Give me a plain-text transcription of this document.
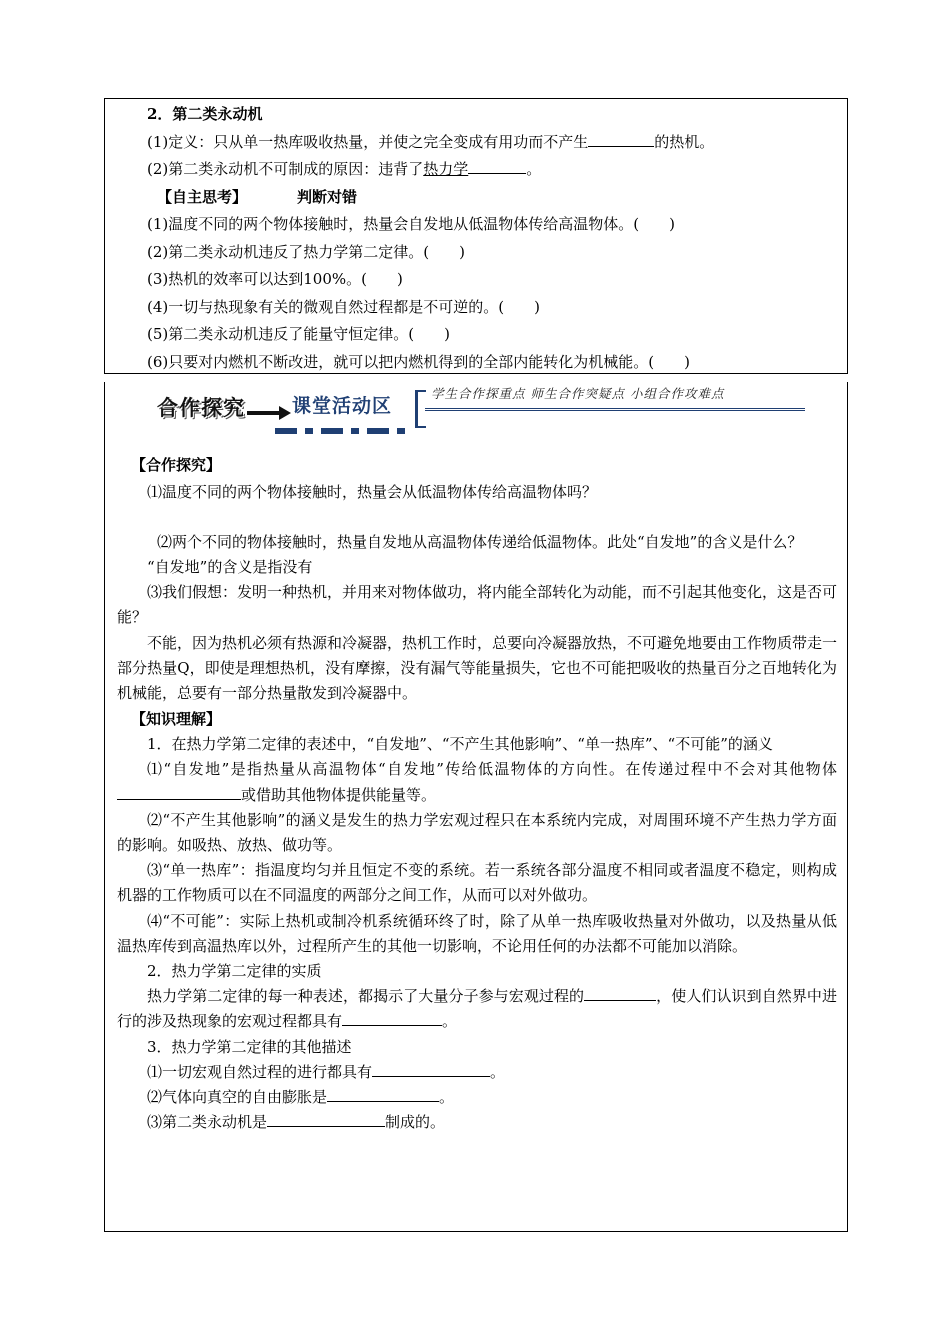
2．第二类永动机
(1)定义：只从单一热库吸收热量，并使之完全变成有用功而不产生	的热机。
(2)第二类永动机不可制成的原因：违背了热力学	。
【自主思考】	判断对错
(1)温度不同的两个物体接触时，热量会自发地从低温物体传给高温物体。(　　)
(2)第二类永动机违反了热力学第二定律。(　　)
(3)热机的效率可以达到100%。(　　)
(4)一切与热现象有关的微观自然过程都是不可逆的。(　　)
(5)第二类永动机违反了能量守恒定律。(　　)
(6)只要对内燃机不断改进，就可以把内燃机得到的全部内能转化为机械能。(　　)
合作探究 课堂活动区
学生合作探重点 师生合作突疑点 小组合作攻难点
【合作探究】

⑴温度不同的两个物体接触时，热量会从低温物体传给高温物体吗？

⑵两个不同的物体接触时，热量自发地从高温物体传递给低温物体。此处“自发地”的含义是什么？

“自发地”的含义是指没有

⑶我们假想：发明一种热机，并用来对物体做功，将内能全部转化为动能，而不引起其他变化，这是否可能？

不能，因为热机必须有热源和冷凝器，热机工作时，总要向冷凝器放热，不可避免地要由工作物质带走一部分热量Q，即使是理想热机，没有摩擦，没有漏气等能量损失，它也不可能把吸收的热量百分之百地转化为机械能，总要有一部分热量散发到冷凝器中。

【知识理解】

1．在热力学第二定律的表述中，“自发地”、“不产生其他影响”、“单一热库”、“不可能”的涵义

⑴“自发地”是指热量从高温物体“自发地”传给低温物体的方向性。在传递过程中不会对其他物体或借助其他物体提供能量等。

⑵“不产生其他影响”的涵义是发生的热力学宏观过程只在本系统内完成，对周围环境不产生热力学方面的影响。如吸热、放热、做功等。

⑶“单一热库”：指温度均匀并且恒定不变的系统。若一系统各部分温度不相同或者温度不稳定，则构成机器的工作物质可以在不同温度的两部分之间工作，从而可以对外做功。

⑷“不可能”：实际上热机或制冷机系统循环终了时，除了从单一热库吸收热量对外做功，以及热量从低温热库传到高温热库以外，过程所产生的其他一切影响，不论用任何的办法都不可能加以消除。

2．热力学第二定律的实质

热力学第二定律的每一种表述，都揭示了大量分子参与宏观过程的	，使人们认识到自然界中进行的涉及热现象的宏观过程都具有	。

3．热力学第二定律的其他描述

⑴一切宏观自然过程的进行都具有	。

⑵气体向真空的自由膨胀是	。

⑶第二类永动机是	制成的。
